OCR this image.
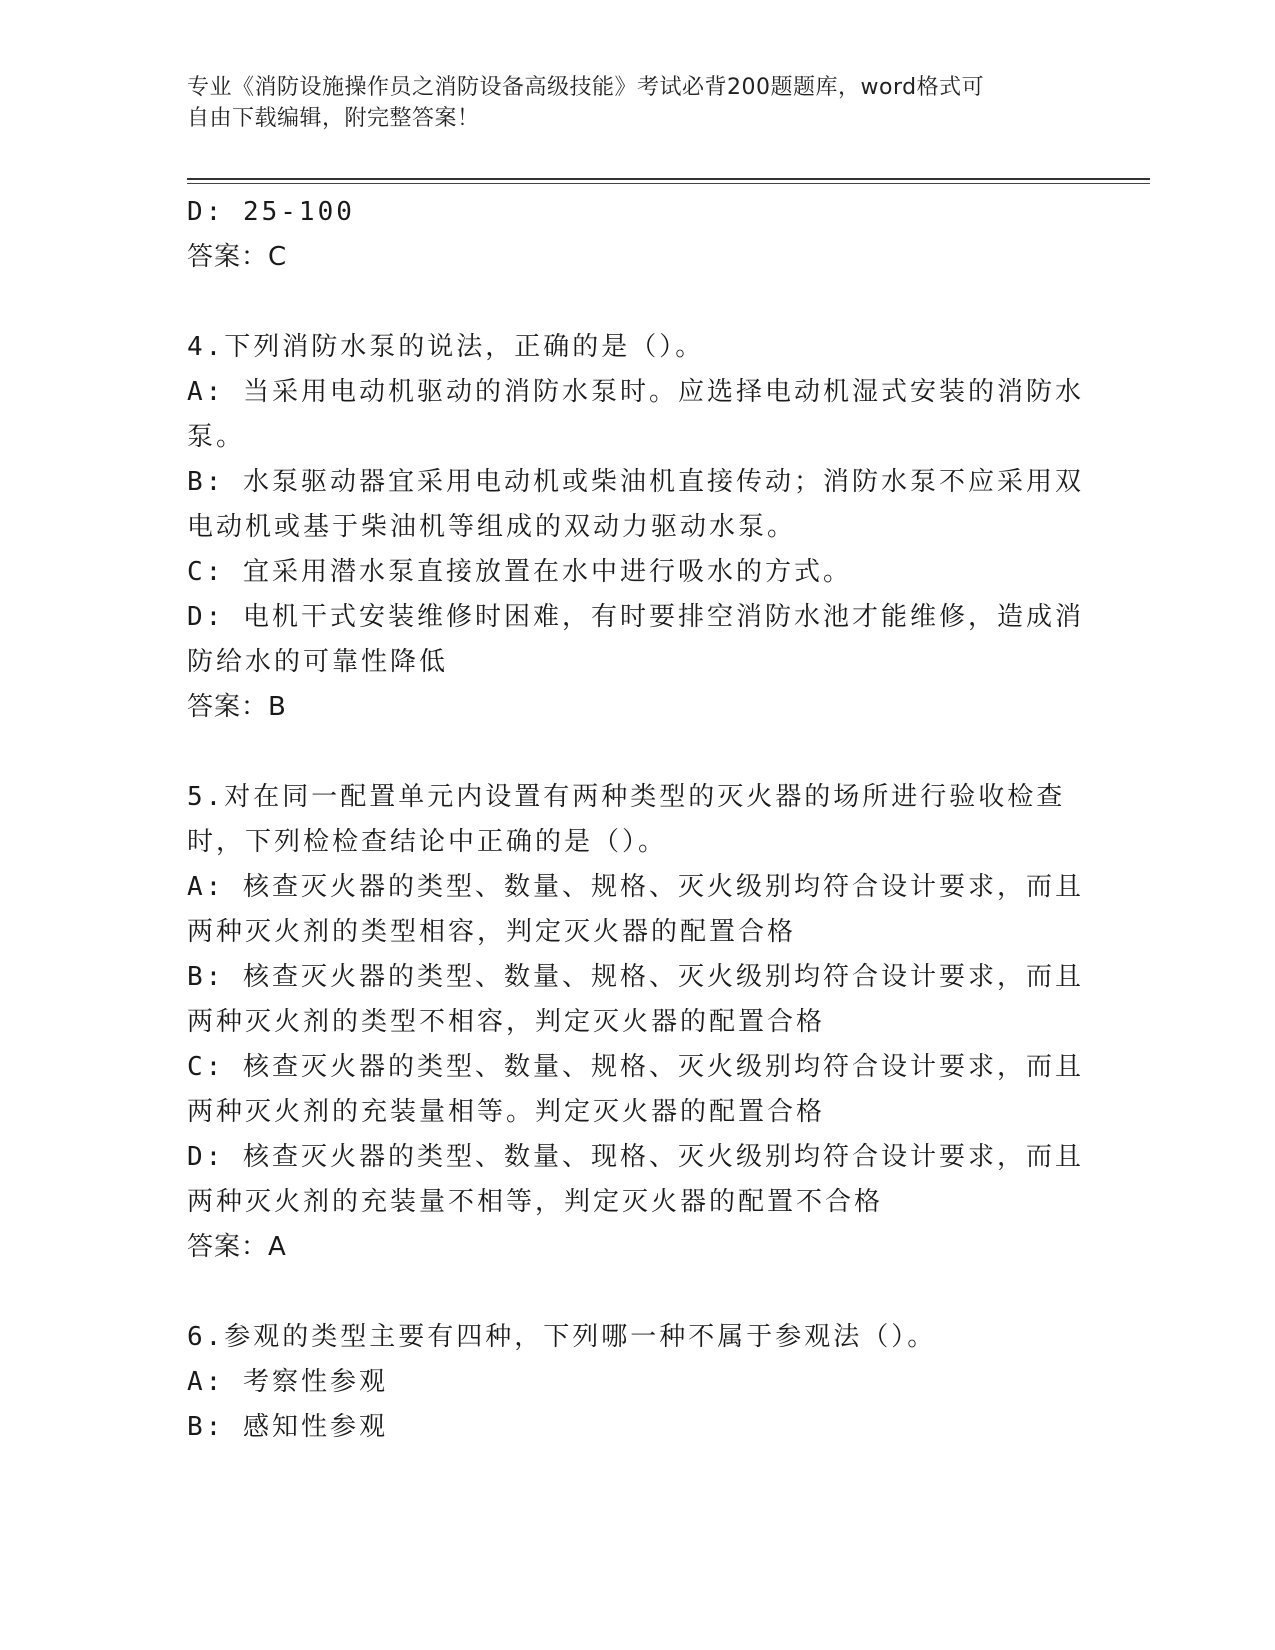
专业《消防设施操作员之消防设备高级技能》考试必背200题题库，word格式可
自由下载编辑，附完整答案！
D: 25-100
答案：C
4.下列消防水泵的说法，正确的是（）。
A: 当采用电动机驱动的消防水泵时。应选择电动机湿式安装的消防水
泵。
B: 水泵驱动器宜采用电动机或柴油机直接传动；消防水泵不应采用双
电动机或基于柴油机等组成的双动力驱动水泵。
C: 宜采用潜水泵直接放置在水中进行吸水的方式。
D: 电机干式安装维修时困难，有时要排空消防水池才能维修，造成消
防给水的可靠性降低
答案：B
5.对在同一配置单元内设置有两种类型的灭火器的场所进行验收检查
时，下列检检查结论中正确的是（）。
A: 核查灭火器的类型、数量、规格、灭火级别均符合设计要求，而且
两种灭火剂的类型相容，判定灭火器的配置合格
B: 核查灭火器的类型、数量、规格、灭火级别均符合设计要求，而且
两种灭火剂的类型不相容，判定灭火器的配置合格
C: 核查灭火器的类型、数量、规格、灭火级别均符合设计要求，而且
两种灭火剂的充装量相等。判定灭火器的配置合格
D: 核查灭火器的类型、数量、现格、灭火级别均符合设计要求，而且
两种灭火剂的充装量不相等，判定灭火器的配置不合格
答案：A
6.参观的类型主要有四种，下列哪一种不属于参观法（）。
A: 考察性参观
B: 感知性参观
